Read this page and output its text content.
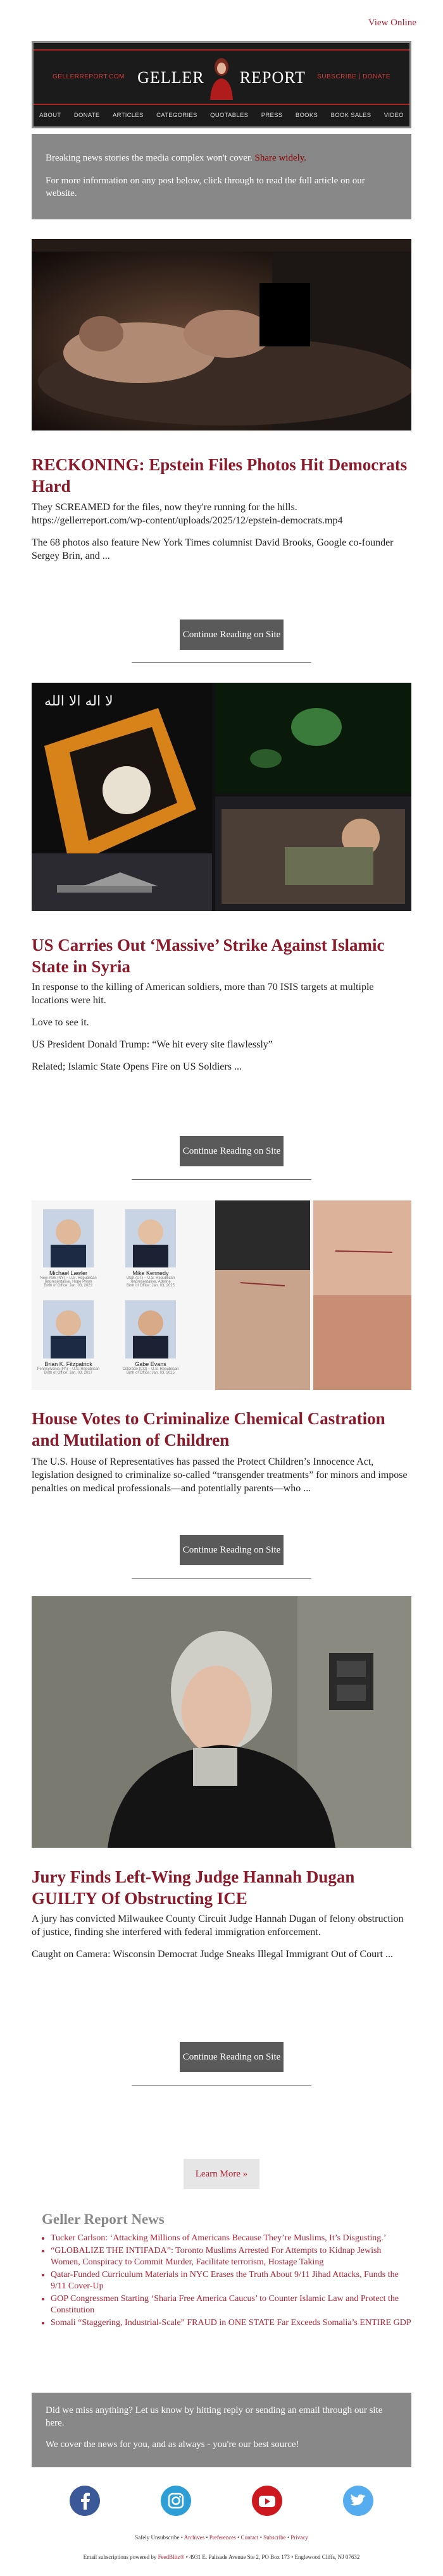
View Online
GELLERREPORT.COM GELLER REPORT	SUBSCRIBE | DONATE
ABOUT DONATE ARTICLES CATEGORIES QUOTABLES PRESS BOOKS BOOK SALES VIDEO

Breaking news stories the media complex won't cover. Share widely.

For more information on any post below, click through to read the full article on our website.

RECKONING: Epstein Files Photos Hit Democrats Hard

They SCREAMED for the files, now they're running for the hills. https://gellerreport.com/wp-content/uploads/2025/12/epstein-democrats.mp4

The 68 photos also feature New York Times columnist David Brooks, Google co-founder Sergey Brin, and ...

Continue Reading on Site
ﻻ ﺍﻟﻪ ﺍﻻ ﺍﻟﻠﻪ
US Carries Out ‘Massive’ Strike Against Islamic State in Syria

In response to the killing of American soldiers, more than 70 ISIS targets at multiple locations were hit.

Love to see it.

US President Donald Trump: “We hit every site flawlessly”

Related; Islamic State Opens Fire on US Soldiers ...

Continue Reading on Site
Michael Lawler
New York (NY) – U.S. Republican
Representative, Hope Prism
Birth of Office: Jan. 03, 2023
Mike Kennedy
Utah (UT) – U.S. Republican
Representative, Adeline
Birth of Office: Jan. 03, 2025
Brian K. Fitzpatrick
Pennsylvania (PA) – U.S. Republican
Birth of Office: Jan. 03, 2017
Gabe Evans
Colorado (CO) – U.S. Republican
Birth of Office: Jan. 03, 2025
House Votes to Criminalize Chemical Castration and Mutilation of Children

The U.S. House of Representatives has passed the Protect Children’s Innocence Act, legislation designed to criminalize so-called “transgender treatments” for minors and impose penalties on medical professionals—and potentially parents—who ...

Continue Reading on Site
Jury Finds Left-Wing Judge Hannah Dugan GUILTY Of Obstructing ICE

A jury has convicted Milwaukee County Circuit Judge Hannah Dugan of felony obstruction of justice, finding she interfered with federal immigration enforcement.

Caught on Camera: Wisconsin Democrat Judge Sneaks Illegal Immigrant Out of Court ...

Continue Reading on Site
Learn More »
Geller Report News
• Tucker Carlson: ‘Attacking Millions of Americans Because They’re Muslims, It’s Disgusting.’
• “GLOBALIZE THE INTIFADA”: Toronto Muslims Arrested For Attempts to Kidnap Jewish Women, Conspiracy to Commit Murder, Facilitate terrorism, Hostage Taking
• Qatar-Funded Curriculum Materials in NYC Erases the Truth About 9/11 Jihad Attacks, Funds the 9/11 Cover-Up
• GOP Congressmen Starting ‘Sharia Free America Caucus’ to Counter Islamic Law and Protect the Constitution
• Somali “Staggering, Industrial-Scale” FRAUD in ONE STATE Far Exceeds Somalia’s ENTIRE GDP

Did we miss anything? Let us know by hitting reply or sending an email through our site here.

We cover the news for you, and as always - you're our best source!

Safely Unsubscribe • Archives • Preferences • Contact • Subscribe • Privacy
Email subscriptions powered by FeedBlitz® • 4931 E. Palisade Avenue Ste 2, PO Box 173 • Englewood Cliffs, NJ 07632
